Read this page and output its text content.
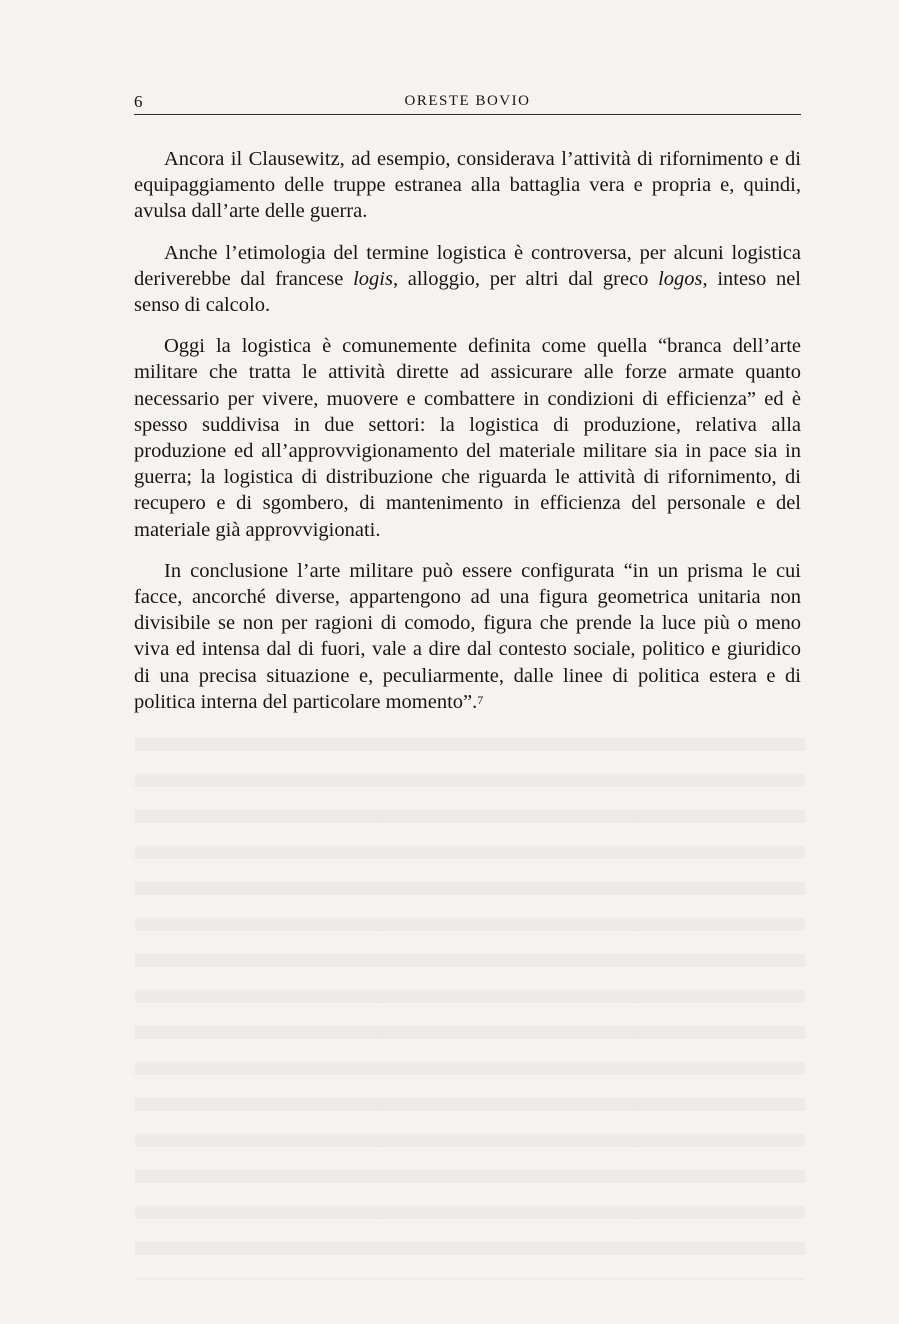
6	ORESTE BOVIO

Ancora il Clausewitz, ad esempio, considerava l’attività di rifornimento e di equipaggiamento delle truppe estranea alla battaglia vera e propria e, quindi, avulsa dall’arte delle guerra.

Anche l’etimologia del termine logistica è controversa, per alcuni logistica deriverebbe dal francese logis, alloggio, per altri dal greco logos, inteso nel senso di calcolo.

Oggi la logistica è comunemente definita come quella “branca dell’arte militare che tratta le attività dirette ad assicurare alle forze armate quanto necessario per vivere, muovere e combattere in condizioni di efficienza” ed è spesso suddivisa in due settori: la logistica di produzione, relativa alla produzione ed all’approvvigionamento del materiale militare sia in pace sia in guerra; la logistica di distribuzione che riguarda le attività di rifornimento, di recupero e di sgombero, di mantenimento in efficienza del personale e del materiale già approvvigionati.

In conclusione l’arte militare può essere configurata “in un prisma le cui facce, ancorché diverse, appartengono ad una figura geometrica unitaria non divisibile se non per ragioni di comodo, figura che prende la luce più o meno viva ed intensa dal di fuori, vale a dire dal contesto sociale, politico e giuridico di una precisa situazione e, peculiarmente, dalle linee di politica estera e di politica interna del particolare momento”.$^7$
